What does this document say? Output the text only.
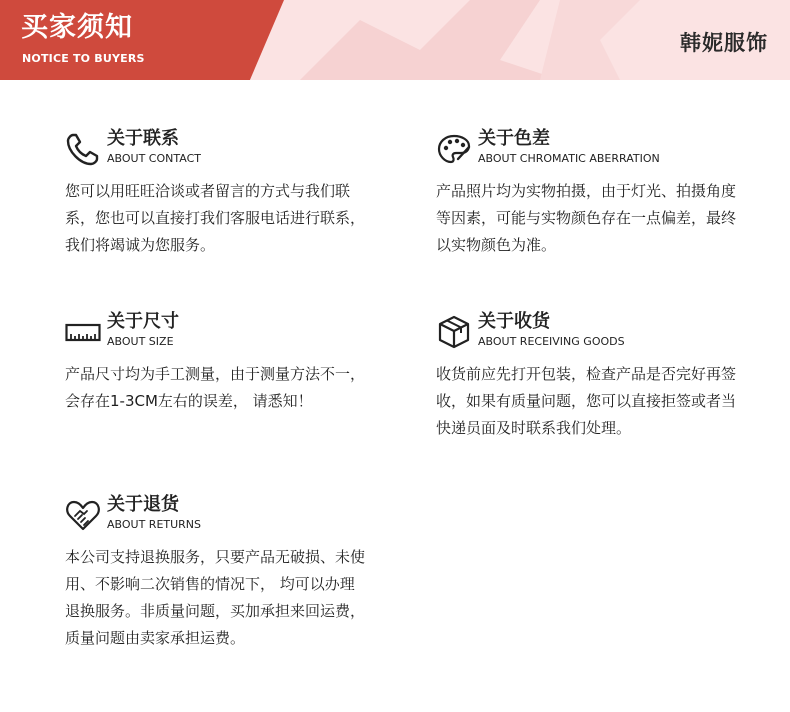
买家须知
NOTICE TO BUYERS
韩妮服饰
关于联系
ABOUT CONTACT
您可以用旺旺洽谈或者留言的方式与我们联系，您也可以直接打我们客服电话进行联系，我们将竭诚为您服务。
关于色差
ABOUT CHROMATIC ABERRATION
产品照片均为实物拍摄，由于灯光、拍摄角度等因素，可能与实物颜色存在一点偏差，最终以实物颜色为准。
关于尺寸
ABOUT SIZE
产品尺寸均为手工测量，由于测量方法不一，会存在1-3CM左右的误差， 请悉知！
关于收货
ABOUT RECEIVING GOODS
收货前应先打开包装，检查产品是否完好再签收，如果有质量问题，您可以直接拒签或者当快递员面及时联系我们处理。
关于退货
ABOUT RETURNS
本公司支持退换服务，只要产品无破损、未使用、不影响二次销售的情况下， 均可以办理退换服务。非质量问题，买加承担来回运费，质量问题由卖家承担运费。
